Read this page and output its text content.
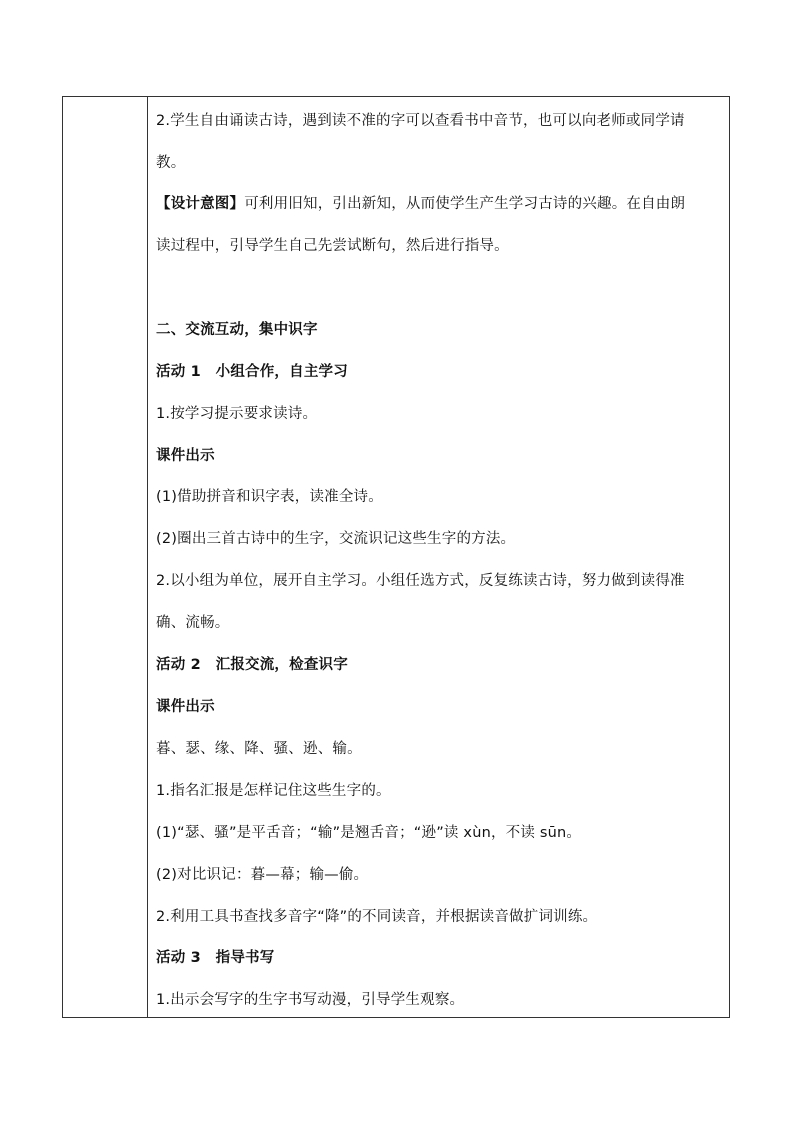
2.学生自由诵读古诗，遇到读不准的字可以查看书中音节，也可以向老师或同学请
教。
【设计意图】可利用旧知，引出新知，从而使学生产生学习古诗的兴趣。在自由朗
读过程中，引导学生自己先尝试断句，然后进行指导。
二、交流互动，集中识字
活动 1　小组合作，自主学习
1.按学习提示要求读诗。
课件出示
(1)借助拼音和识字表，读准全诗。
(2)圈出三首古诗中的生字，交流识记这些生字的方法。
2.以小组为单位，展开自主学习。小组任选方式，反复练读古诗，努力做到读得准
确、流畅。
活动 2　汇报交流，检查识字
课件出示
暮、瑟、缘、降、骚、逊、输。
1.指名汇报是怎样记住这些生字的。
(1)“瑟、骚”是平舌音；“输”是翘舌音；“逊”读 xùn，不读 sūn。
(2)对比识记：暮—幕；输—偷。
2.利用工具书查找多音字“降”的不同读音，并根据读音做扩词训练。
活动 3　指导书写
1.出示会写字的生字书写动漫，引导学生观察。
